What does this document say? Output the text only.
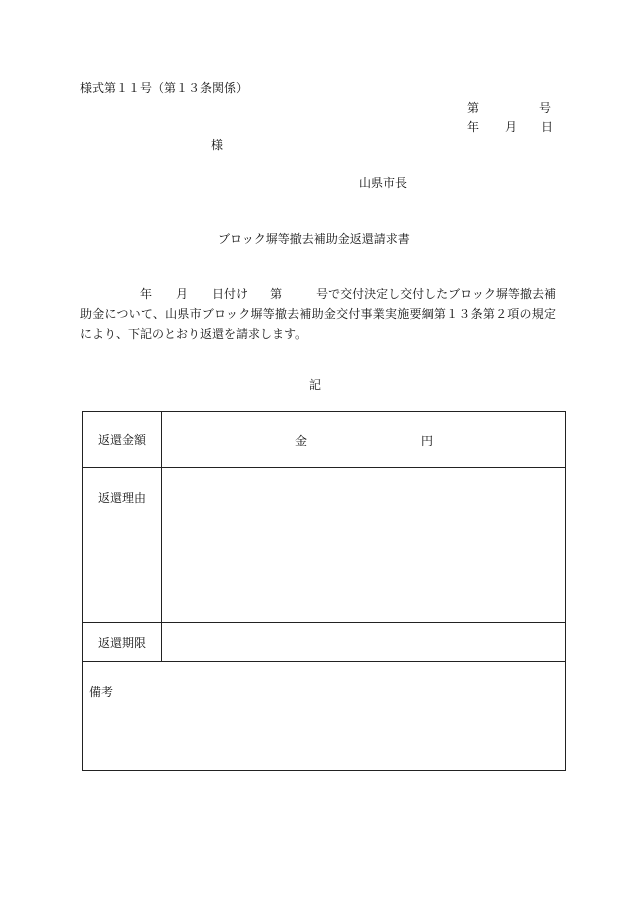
様式第１１号（第１３条関係）
第	号
年 月 日
様
山県市長
ブロック塀等撤去補助金返還請求書
年 月 日付け 第	号で交付決定し交付したブロック塀等撤去補助金について、山県市ブロック塀等撤去補助金交付事業実施要綱第１３条第２項の規定により、下記のとおり返還を請求します。
記
返還金額	金 円

返還理由	
返還期限	
備考	
